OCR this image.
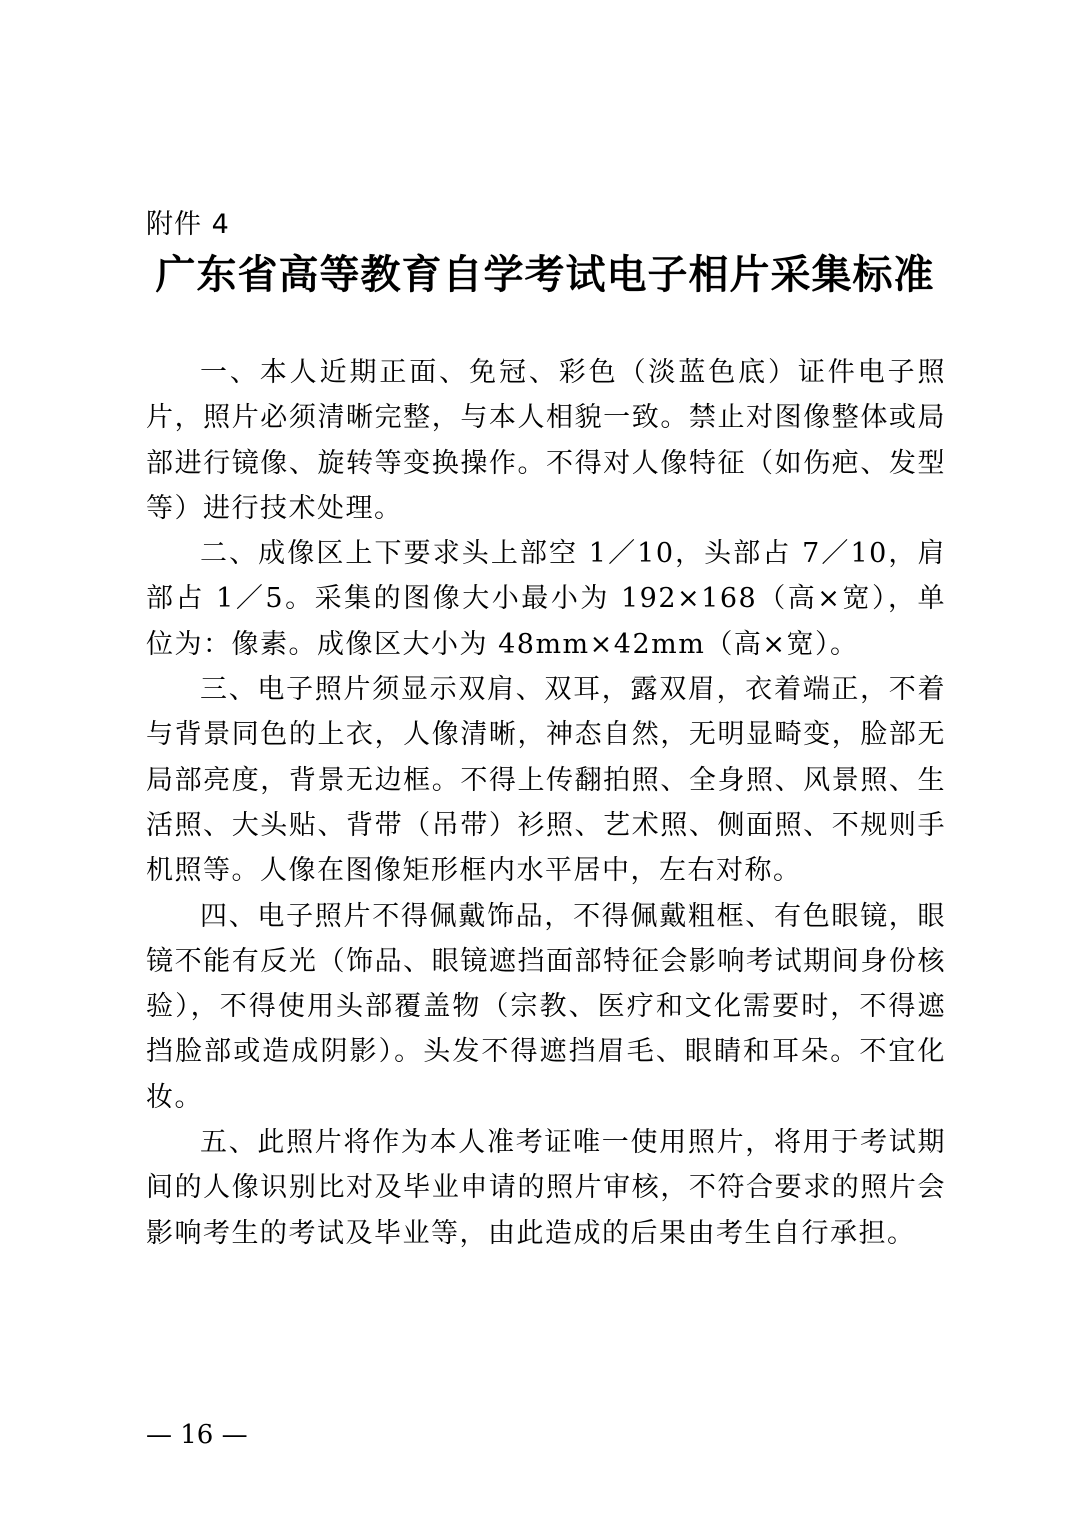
附件 4
广东省高等教育自学考试电子相片采集标准

一、本人近期正面、免冠、彩色（淡蓝色底）证件电子照片，照片必须清晰完整，与本人相貌一致。禁止对图像整体或局部进行镜像、旋转等变换操作。不得对人像特征（如伤疤、发型等）进行技术处理。

二、成像区上下要求头上部空 1／10，头部占 7／10，肩部占 1／5。采集的图像大小最小为 192×168（高×宽），单位为：像素。成像区大小为 48mm×42mm（高×宽）。

三、电子照片须显示双肩、双耳，露双眉，衣着端正，不着与背景同色的上衣，人像清晰，神态自然，无明显畸变，脸部无局部亮度，背景无边框。不得上传翻拍照、全身照、风景照、生活照、大头贴、背带（吊带）衫照、艺术照、侧面照、不规则手机照等。人像在图像矩形框内水平居中，左右对称。

四、电子照片不得佩戴饰品，不得佩戴粗框、有色眼镜，眼镜不能有反光（饰品、眼镜遮挡面部特征会影响考试期间身份核验），不得使用头部覆盖物（宗教、医疗和文化需要时，不得遮挡脸部或造成阴影）。头发不得遮挡眉毛、眼睛和耳朵。不宜化妆。

五、此照片将作为本人准考证唯一使用照片，将用于考试期间的人像识别比对及毕业申请的照片审核，不符合要求的照片会影响考生的考试及毕业等，由此造成的后果由考生自行承担。

— 16 —
